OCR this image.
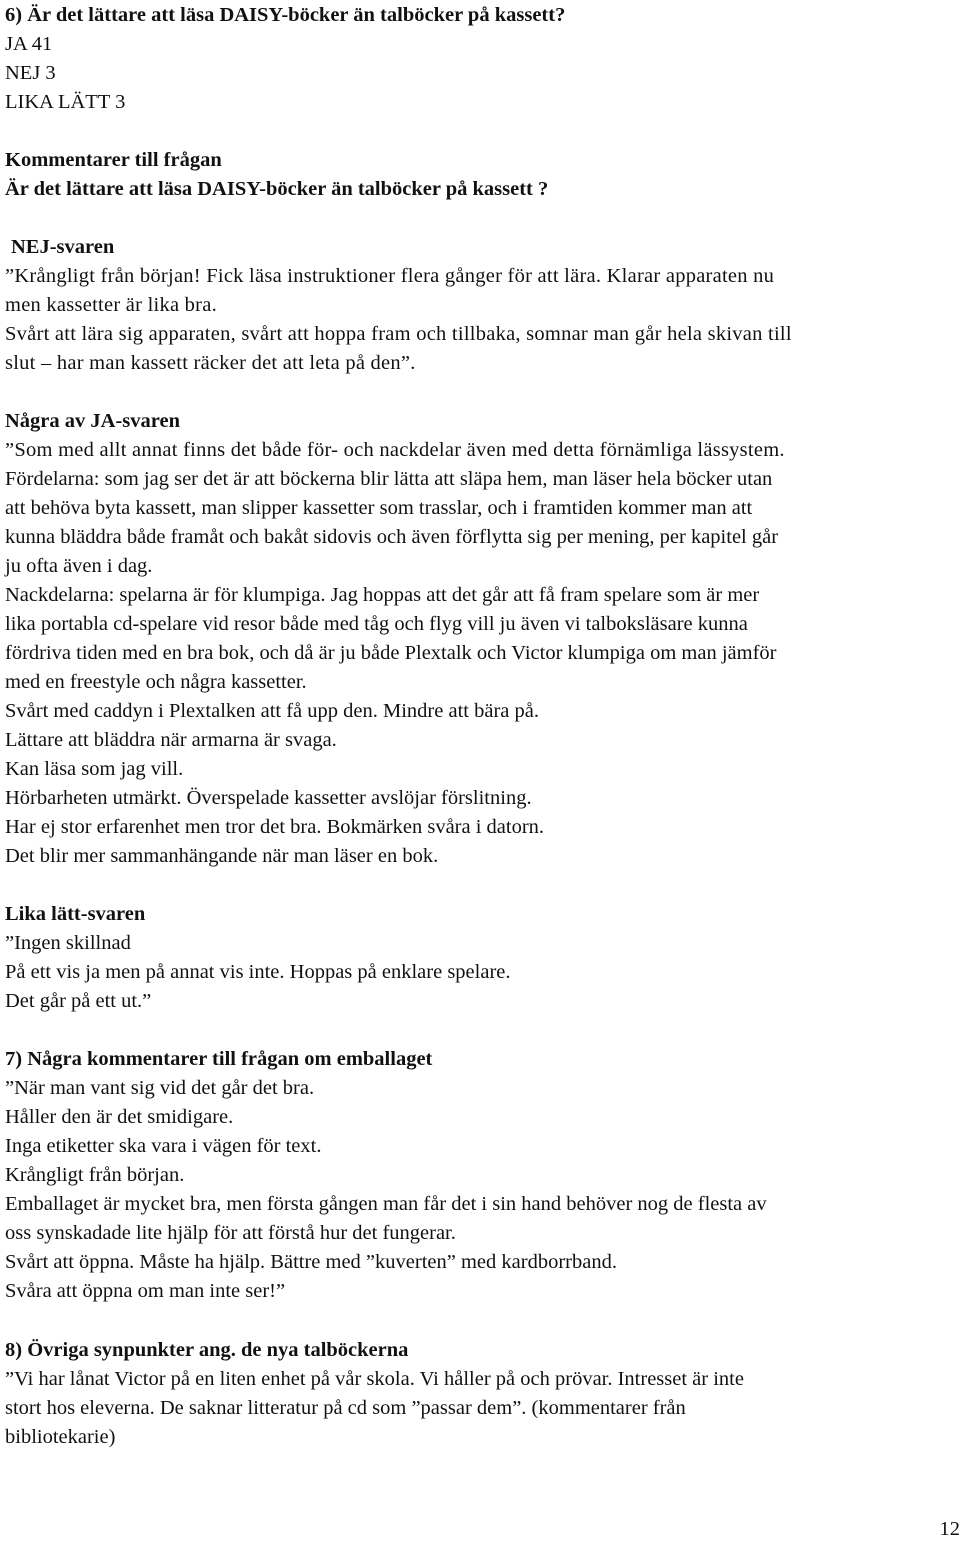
6) Är det lättare att läsa DAISY-böcker än talböcker på kassett?

JA 41

NEJ 3

LIKA LÄTT 3

Kommentarer till frågan

Är det lättare att läsa DAISY-böcker än talböcker på kassett ?

NEJ-svaren

”Krångligt från början! Fick läsa instruktioner flera gånger för att lära. Klarar apparaten nu

men kassetter är lika bra.

Svårt att lära sig apparaten, svårt att hoppa fram och tillbaka, somnar man går hela skivan till

slut – har man kassett räcker det att leta på den”.

Några av JA-svaren

”Som med allt annat finns det både för- och nackdelar även med detta förnämliga lässystem.

Fördelarna: som jag ser det är att böckerna blir lätta att släpa hem, man läser hela böcker utan

att behöva byta kassett, man slipper kassetter som trasslar, och i framtiden kommer man att

kunna bläddra både framåt och bakåt sidovis och även förflytta sig per mening, per kapitel går

ju ofta även i dag.

Nackdelarna: spelarna är för klumpiga. Jag hoppas att det går att få fram spelare som är mer

lika portabla cd-spelare vid resor både med tåg och flyg vill ju även vi talboksläsare kunna

fördriva tiden med en bra bok, och då är ju både Plextalk och Victor klumpiga om man jämför

med en freestyle och några kassetter.

Svårt med caddyn i Plextalken att få upp den. Mindre att bära på.

Lättare att bläddra när armarna är svaga.

Kan läsa som jag vill.

Hörbarheten utmärkt. Överspelade kassetter avslöjar förslitning.

Har ej stor erfarenhet men tror det bra. Bokmärken svåra i datorn.

Det blir mer sammanhängande när man läser en bok.

Lika lätt-svaren

”Ingen skillnad

På ett vis ja men på annat vis inte. Hoppas på enklare spelare.

Det går på ett ut.”

7) Några kommentarer till frågan om emballaget

”När man vant sig vid det går det bra.

Håller den är det smidigare.

Inga etiketter ska vara i vägen för text.

Krångligt från början.

Emballaget är mycket bra, men första gången man får det i sin hand behöver nog de flesta av

oss synskadade lite hjälp för att förstå hur det fungerar.

Svårt att öppna. Måste ha hjälp. Bättre med ”kuverten” med kardborrband.

Svåra att öppna om man inte ser!”

8) Övriga synpunkter ang. de nya talböckerna

”Vi har lånat Victor på en liten enhet på vår skola. Vi håller på och prövar. Intresset är inte

stort hos eleverna. De saknar litteratur på cd som ”passar dem”. (kommentarer från

bibliotekarie)

12
